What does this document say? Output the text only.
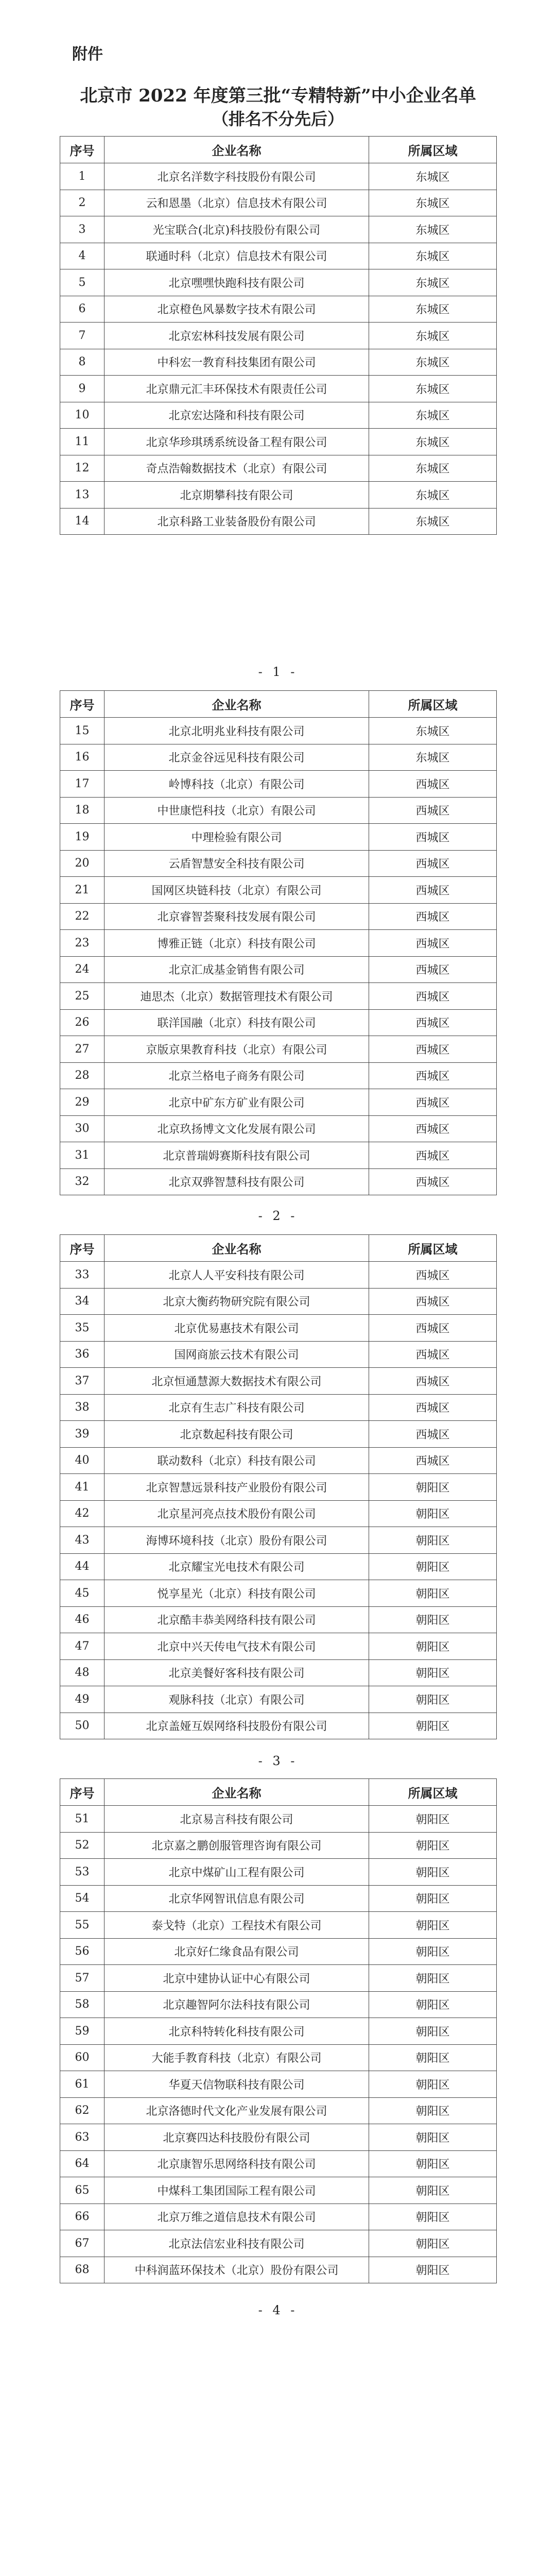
附件
北京市 2022 年度第三批“专精特新”中小企业名单
（排名不分先后）
序号	企业名称	所属区域
1	北京名洋数字科技股份有限公司	东城区
2	云和恩墨（北京）信息技术有限公司	东城区
3	光宝联合(北京)科技股份有限公司	东城区
4	联通时科（北京）信息技术有限公司	东城区
5	北京嘿嘿快跑科技有限公司	东城区
6	北京橙色风暴数字技术有限公司	东城区
7	北京宏林科技发展有限公司	东城区
8	中科宏一教育科技集团有限公司	东城区
9	北京鼎元汇丰环保技术有限责任公司	东城区
10	北京宏达隆和科技有限公司	东城区
11	北京华珍琪琇系统设备工程有限公司	东城区
12	奇点浩翰数据技术（北京）有限公司	东城区
13	北京期攀科技有限公司	东城区
14	北京科路工业装备股份有限公司	东城区
- 1 -
序号	企业名称	所属区域
15	北京北明兆业科技有限公司	东城区
16	北京金谷远见科技有限公司	东城区
17	岭博科技（北京）有限公司	西城区
18	中世康恺科技（北京）有限公司	西城区
19	中理检验有限公司	西城区
20	云盾智慧安全科技有限公司	西城区
21	国网区块链科技（北京）有限公司	西城区
22	北京睿智荟聚科技发展有限公司	西城区
23	博雅正链（北京）科技有限公司	西城区
24	北京汇成基金销售有限公司	西城区
25	迪思杰（北京）数据管理技术有限公司	西城区
26	联洋国融（北京）科技有限公司	西城区
27	京版京果教育科技（北京）有限公司	西城区
28	北京兰格电子商务有限公司	西城区
29	北京中矿东方矿业有限公司	西城区
30	北京玖扬博文文化发展有限公司	西城区
31	北京普瑞姆赛斯科技有限公司	西城区
32	北京双骅智慧科技有限公司	西城区
- 2 -
序号	企业名称	所属区域
33	北京人人平安科技有限公司	西城区
34	北京大衡药物研究院有限公司	西城区
35	北京优易惠技术有限公司	西城区
36	国网商旅云技术有限公司	西城区
37	北京恒通慧源大数据技术有限公司	西城区
38	北京有生志广科技有限公司	西城区
39	北京数起科技有限公司	西城区
40	联动数科（北京）科技有限公司	西城区
41	北京智慧远景科技产业股份有限公司	朝阳区
42	北京星河亮点技术股份有限公司	朝阳区
43	海博环境科技（北京）股份有限公司	朝阳区
44	北京耀宝光电技术有限公司	朝阳区
45	悦享星光（北京）科技有限公司	朝阳区
46	北京酷丰恭美网络科技有限公司	朝阳区
47	北京中兴天传电气技术有限公司	朝阳区
48	北京美餐好客科技有限公司	朝阳区
49	观脉科技（北京）有限公司	朝阳区
50	北京盖娅互娱网络科技股份有限公司	朝阳区
- 3 -
序号	企业名称	所属区域
51	北京易言科技有限公司	朝阳区
52	北京嘉之鹏创服管理咨询有限公司	朝阳区
53	北京中煤矿山工程有限公司	朝阳区
54	北京华网智讯信息有限公司	朝阳区
55	泰戈特（北京）工程技术有限公司	朝阳区
56	北京好仁缘食品有限公司	朝阳区
57	北京中建协认证中心有限公司	朝阳区
58	北京趣智阿尔法科技有限公司	朝阳区
59	北京科特转化科技有限公司	朝阳区
60	大能手教育科技（北京）有限公司	朝阳区
61	华夏天信物联科技有限公司	朝阳区
62	北京洛德时代文化产业发展有限公司	朝阳区
63	北京赛四达科技股份有限公司	朝阳区
64	北京康智乐思网络科技有限公司	朝阳区
65	中煤科工集团国际工程有限公司	朝阳区
66	北京万维之道信息技术有限公司	朝阳区
67	北京法信宏业科技有限公司	朝阳区
68	中科润蓝环保技术（北京）股份有限公司	朝阳区
- 4 -
